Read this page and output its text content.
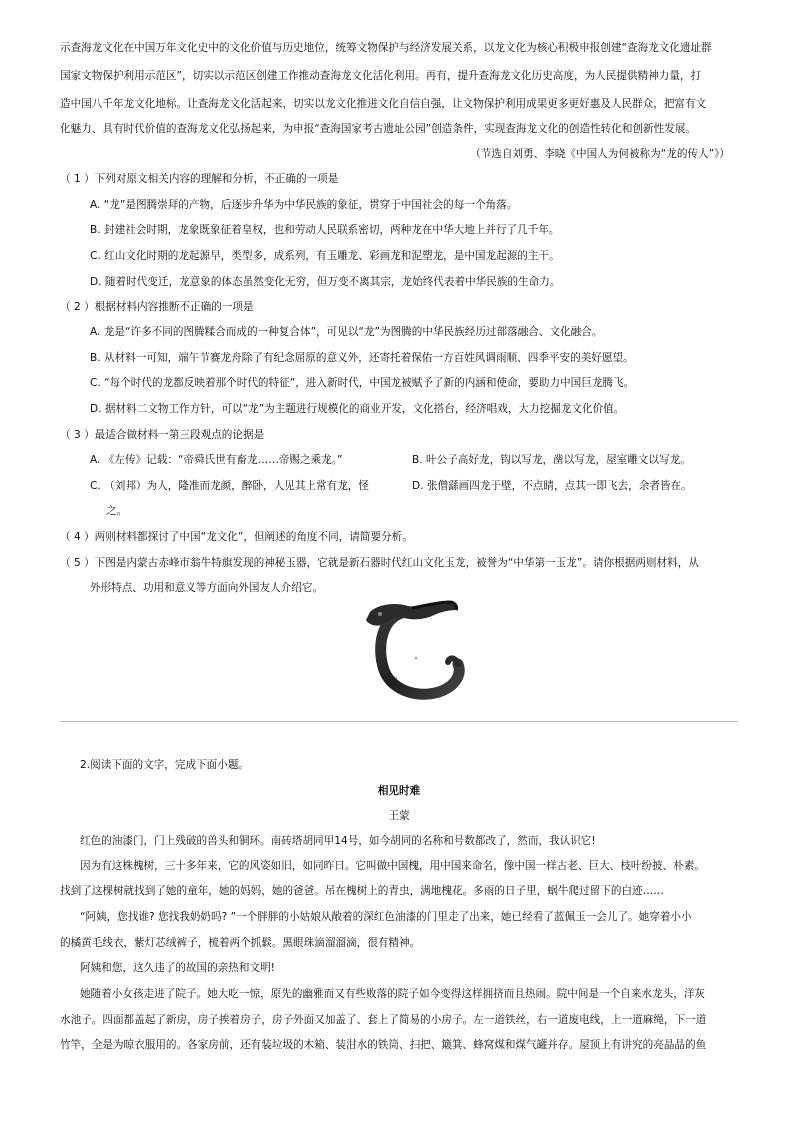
示查海龙文化在中国万年文化史中的文化价值与历史地位，统筹文物保护与经济发展关系，以龙文化为核心积极申报创建“查海龙文化遗址群
国家文物保护利用示范区”，切实以示范区创建工作推动查海龙文化活化利用。再有，提升查海龙文化历史高度，为人民提供精神力量，打
造中国八千年龙文化地标。让查海龙文化活起来，切实以龙文化推进文化自信自强，让文物保护利用成果更多更好惠及人民群众，把富有文
化魅力、具有时代价值的查海龙文化弘扬起来，为申报“查海国家考古遗址公园”创造条件，实现查海龙文化的创造性转化和创新性发展。
（节选自刘勇、李晓《中国人为何被称为“龙的传人”》）
（ 1 ）下列对原文相关内容的理解和分析，不正确的一项是
A. “龙”是图腾崇拜的产物，后逐步升华为中华民族的象征，贯穿于中国社会的每一个角落。
B. 封建社会时期，龙象既象征着皇权，也和劳动人民联系密切，两种龙在中华大地上并行了几千年。
C. 红山文化时期的龙起源早，类型多，成系列，有玉雕龙、彩画龙和泥塑龙，是中国龙起源的主干。
D. 随着时代变迁，龙意象的体态虽然变化无穷，但万变不离其宗，龙始终代表着中华民族的生命力。
（ 2 ）根据材料内容推断不正确的一项是
A. 龙是“许多不同的图腾糅合而成的一种复合体”，可见以“龙”为图腾的中华民族经历过部落融合、文化融合。
B. 从材料一可知，端午节赛龙舟除了有纪念屈原的意义外，还寄托着保佑一方百姓风调雨顺、四季平安的美好愿望。
C. “每个时代的龙都反映着那个时代的特征”，进入新时代，中国龙被赋予了新的内涵和使命，要助力中国巨龙腾飞。
D. 据材料二文物工作方针，可以“龙”为主题进行规模化的商业开发，文化搭台，经济唱戏，大力挖掘龙文化价值。
（ 3 ）最适合做材料一第三段观点的论据是
A. 《左传》记载：“帝舜氏世有畜龙……帝赐之乘龙。”	B. 叶公子高好龙，钩以写龙，凿以写龙，屋室雕文以写龙。
C. （刘邦）为人，隆准而龙颜，醉卧，人见其上常有龙，怪	D. 张僧繇画四龙于壁，不点睛，点其一即飞去，余者皆在。
之。
（ 4 ）两则材料都探讨了中国“龙文化”，但阐述的角度不同，请简要分析。
（ 5 ）下图是内蒙古赤峰市翁牛特旗发现的神秘玉器，它就是新石器时代红山文化玉龙，被誉为“中华第一玉龙”。请你根据两则材料，从
外形特点、功用和意义等方面向外国友人介绍它。
2.阅读下面的文字，完成下面小题。
相见时难
王蒙
红色的油漆门，门上残破的兽头和铜环。南砖塔胡同甲14号，如今胡同的名称和号数都改了，然而，我认识它!
因为有这株槐树，三十多年来，它的风姿如旧，如同昨日。它叫做中国槐，用中国来命名，像中国一样古老、巨大、枝叶纷披、朴素。
找到了这棵树就找到了她的童年，她的妈妈，她的爸爸。吊在槐树上的青虫，满地槐花。多雨的日子里，蜗牛爬过留下的白迹……
“阿姨，您找谁? 您找我奶奶吗? ”一个胖胖的小姑娘从敞着的深红色油漆的门里走了出来，她已经看了蓝佩玉一会儿了。她穿着小小
的橘黄毛线衣，紫灯芯绒裤子，梳着两个抓鬏。黑眼珠滴溜溜滴，很有精神。
阿姨和您，这久违了的故国的亲热和文明!
她随着小女孩走进了院子。她大吃一惊，原先的幽雅而又有些败落的院子如今变得这样拥挤而且热闹。院中间是一个自来水龙头，洋灰
水池子。四面都盖起了新房，房子挨着房子，房子外面又加盖了、套上了简易的小房子。左一道铁丝，右一道废电线，上一道麻绳，下一道
竹竿，全是为晾衣服用的。各家房前，还有装垃圾的木箱、装泔水的铁筒、扫把、簸箕、蜂窝煤和煤气罐并存。屋顶上有讲究的亮晶晶的鱼
